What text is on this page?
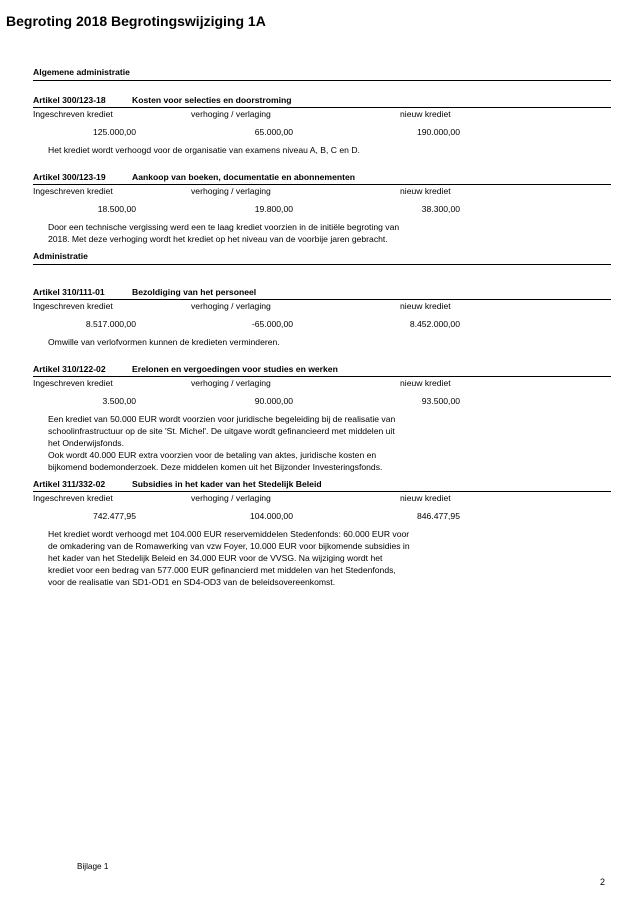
Begroting 2018 Begrotingswijziging 1A
Algemene administratie
Artikel 300/123-18	Kosten voor selecties en doorstroming
Ingeschreven krediet	verhoging / verlaging	nieuw krediet
125.000,00	65.000,00	190.000,00

Het krediet wordt verhoogd voor de organisatie van examens niveau A, B, C en D.

Artikel 300/123-19	Aankoop van boeken, documentatie en abonnementen
Ingeschreven krediet	verhoging / verlaging	nieuw krediet
18.500,00	19.800,00	38.300,00

Door een technische vergissing werd een te laag krediet voorzien in de initiële begroting van

2018. Met deze verhoging wordt het krediet op het niveau van de voorbije jaren gebracht.

Administratie
Artikel 310/111-01	Bezoldiging van het personeel
Ingeschreven krediet	verhoging / verlaging	nieuw krediet
8.517.000,00	-65.000,00	8.452.000,00

Omwille van verlofvormen kunnen de kredieten verminderen.

Artikel 310/122-02	Erelonen en vergoedingen voor studies en werken
Ingeschreven krediet	verhoging / verlaging	nieuw krediet
3.500,00	90.000,00	93.500,00

Een krediet van 50.000 EUR wordt voorzien voor juridische begeleiding bij de realisatie van

schoolinfrastructuur op de site 'St. Michel'. De uitgave wordt gefinancieerd met middelen uit

het Onderwijsfonds.

Ook wordt 40.000 EUR extra voorzien voor de betaling van aktes, juridische kosten en

bijkomend bodemonderzoek. Deze middelen komen uit het Bijzonder Investeringsfonds.

Artikel 311/332-02	Subsidies in het kader van het Stedelijk Beleid
Ingeschreven krediet	verhoging / verlaging	nieuw krediet
742.477,95	104.000,00	846.477,95

Het krediet wordt verhoogd met 104.000 EUR reservemiddelen Stedenfonds: 60.000 EUR voor

de omkadering van de Romawerking van vzw Foyer, 10.000 EUR voor bijkomende subsidies in

het kader van het Stedelijk Beleid en 34.000 EUR voor de VVSG. Na wijziging wordt het

krediet voor een bedrag van 577.000 EUR gefinancierd met middelen van het Stedenfonds,

voor de realisatie van SD1-OD1 en SD4-OD3 van de beleidsovereenkomst.

Bijlage 1
2
